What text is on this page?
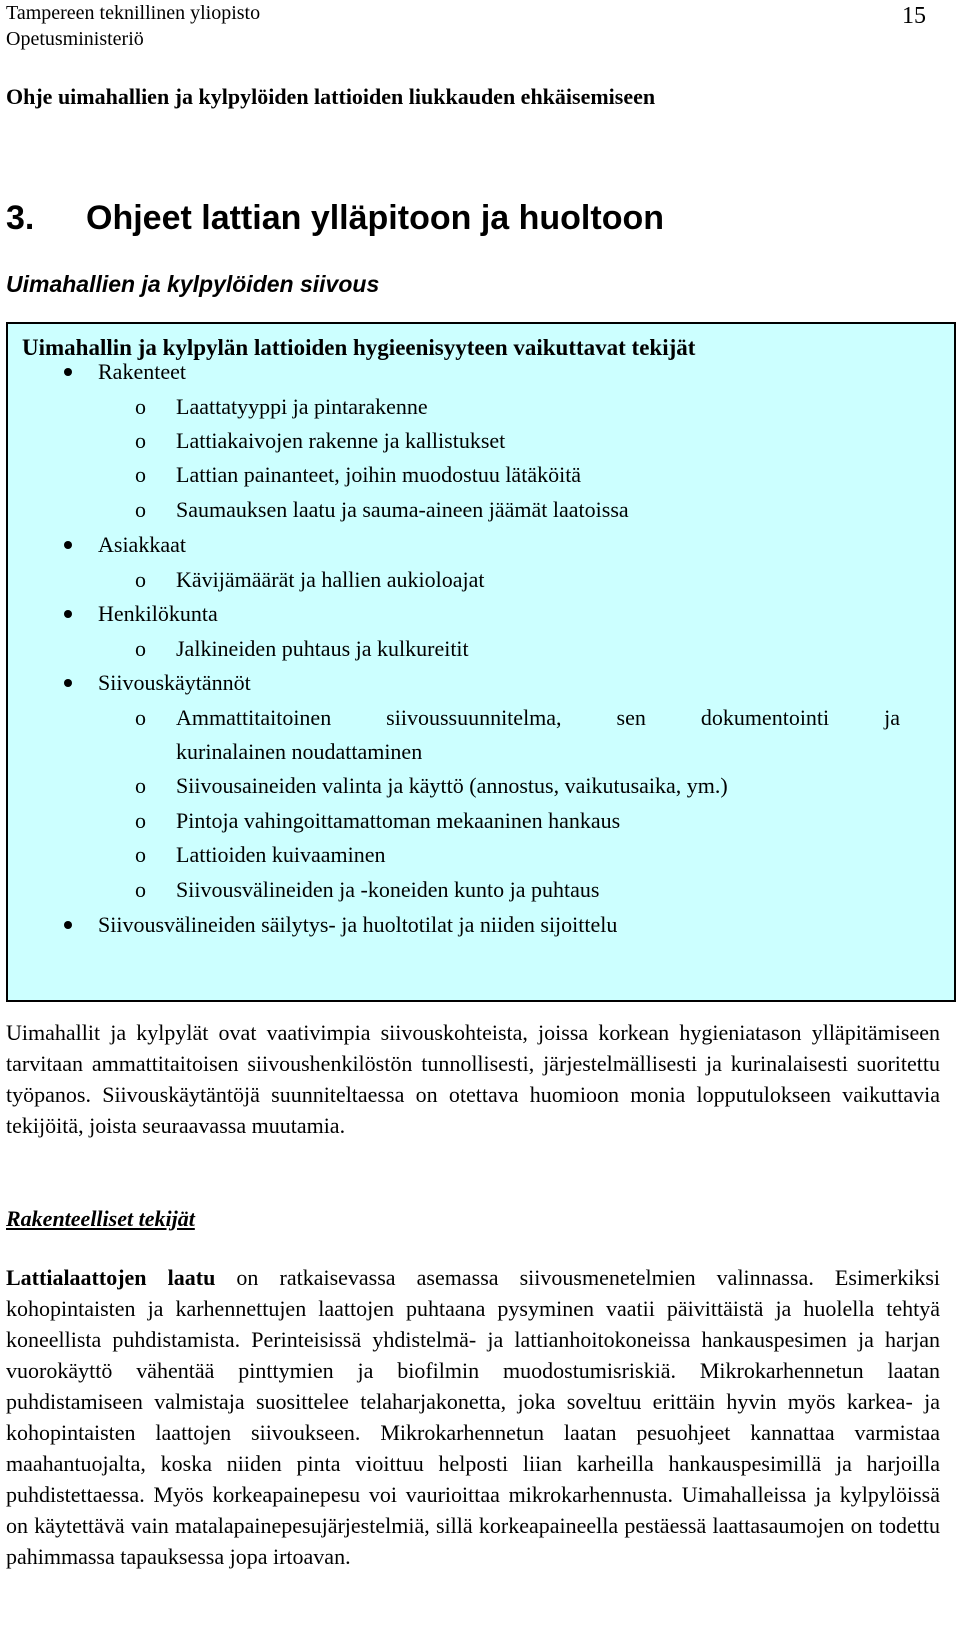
Tampereen teknillinen yliopisto
Opetusministeriö
15
Ohje uimahallien ja kylpylöiden lattioiden liukkauden ehkäisemiseen
3. Ohjeet lattian ylläpitoon ja huoltoon
Uimahallien ja kylpylöiden siivous
Uimahallin ja kylpylän lattioiden hygieenisyyteen vaikuttavat tekijät
Rakenteet
o Laattatyyppi ja pintarakenne
o Lattiakaivojen rakenne ja kallistukset
o Lattian painanteet, joihin muodostuu lätäköitä
o Saumauksen laatu ja sauma-aineen jäämät laatoissa
Asiakkaat
o Kävijämäärät ja hallien aukioloajat
Henkilökunta
o Jalkineiden puhtaus ja kulkureitit
Siivouskäytännöt
o Ammattitaitoinen siivoussuunnitelma, sen dokumentointi ja
kurinalainen noudattaminen
o Siivousaineiden valinta ja käyttö (annostus, vaikutusaika, ym.)
o Pintoja vahingoittamattoman mekaaninen hankaus
o Lattioiden kuivaaminen
o Siivousvälineiden ja -koneiden kunto ja puhtaus
Siivousvälineiden säilytys- ja huoltotilat ja niiden sijoittelu

Uimahallit ja kylpylät ovat vaativimpia siivouskohteista, joissa korkean hygieniatason ylläpitämiseen tarvitaan ammattitaitoisen siivoushenkilöstön tunnollisesti, järjestelmällisesti ja kurinalaisesti suoritettu työpanos. Siivouskäytäntöjä suunniteltaessa on otettava huomioon monia lopputulokseen vaikuttavia tekijöitä, joista seuraavassa muutamia.

Rakenteelliset tekijät

Lattialaattojen laatu on ratkaisevassa asemassa siivousmenetelmien valinnassa. Esimerkiksi kohopintaisten ja karhennettujen laattojen puhtaana pysyminen vaatii päivittäistä ja huolella tehtyä koneellista puhdistamista. Perinteisissä yhdistelmä- ja lattianhoitokoneissa hankauspesimen ja harjan vuorokäyttö vähentää pinttymien ja biofilmin muodostumisriskiä. Mikrokarhennetun laatan puhdistamiseen valmistaja suosittelee telaharjakonetta, joka soveltuu erittäin hyvin myös karkea- ja kohopintaisten laattojen siivoukseen. Mikrokarhennetun laatan pesuohjeet kannattaa varmistaa maahantuojalta, koska niiden pinta vioittuu helposti liian karheilla hankauspesimillä ja harjoilla puhdistettaessa. Myös korkeapainepesu voi vaurioittaa mikrokarhennusta. Uimahalleissa ja kylpylöissä on käytettävä vain matalapainepesujärjestelmiä, sillä korkeapaineella pestäessä laattasaumojen on todettu pahimmassa tapauksessa jopa irtoavan.
